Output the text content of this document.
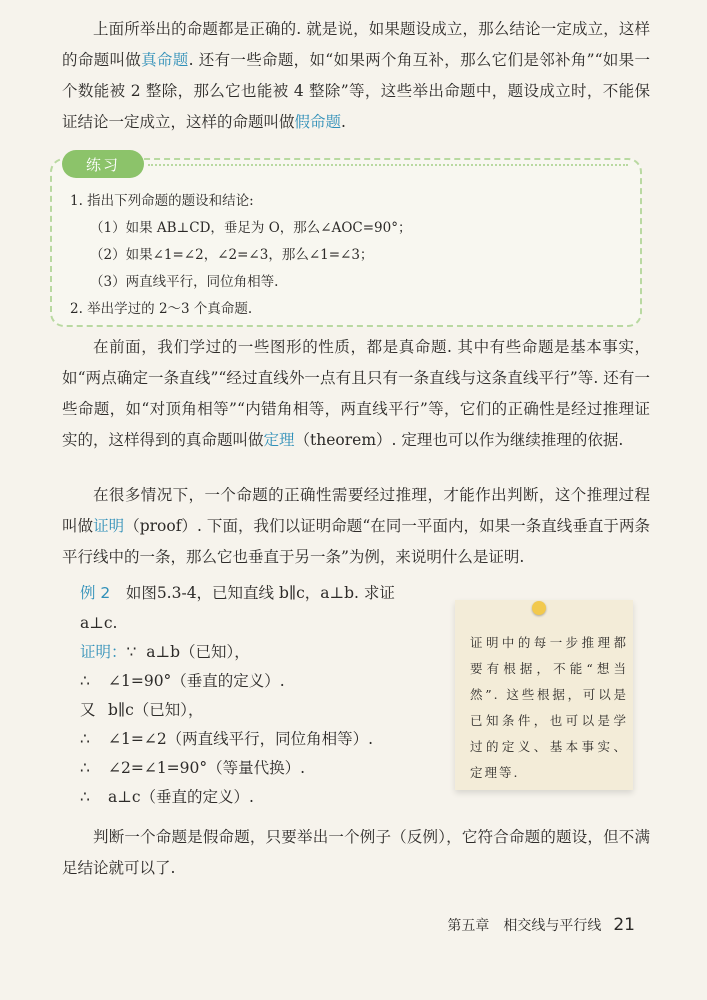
上面所举出的命题都是正确的. 就是说，如果题设成立，那么结论一定成立，这样的命题叫做真命题. 还有一些命题，如“如果两个角互补，那么它们是邻补角”“如果一个数能被 2 整除，那么它也能被 4 整除”等，这些举出命题中，题设成立时，不能保证结论一定成立，这样的命题叫做假命题.

练习
1. 指出下列命题的题设和结论:
（1）如果 AB⊥CD，垂足为 O，那么∠AOC=90°；
（2）如果∠1=∠2，∠2=∠3，那么∠1=∠3；
（3）两直线平行，同位角相等.
2. 举出学过的 2～3 个真命题.

在前面，我们学过的一些图形的性质，都是真命题. 其中有些命题是基本事实，如“两点确定一条直线”“经过直线外一点有且只有一条直线与这条直线平行”等. 还有一些命题，如“对顶角相等”“内错角相等，两直线平行”等，它们的正确性是经过推理证实的，这样得到的真命题叫做定理（theorem）. 定理也可以作为继续推理的依据.

在很多情况下，一个命题的正确性需要经过推理，才能作出判断，这个推理过程叫做证明（proof）. 下面，我们以证明命题“在同一平面内，如果一条直线垂直于两条平行线中的一条，那么它也垂直于另一条”为例，来说明什么是证明.

例 2　 如图5.3-4，已知直线 b∥c，a⊥b. 求证 a⊥c.

证明： ∵
a⊥b（已知），
∴	∠1=90°（垂直的定义）.
又 b∥c（已知），
∴	∠1=∠2（两直线平行，同位角相等）.
∴	∠2=∠1=90°（等量代换）.
∴	a⊥c（垂直的定义）.
证明中的每一步推理都要有根据，不能“想当然”. 这些根据，可以是已知条件，也可以是学过的定义、基本事实、定理等.

判断一个命题是假命题，只要举出一个例子（反例），它符合命题的题设，但不满足结论就可以了.

第五章　相交线与平行线 21
